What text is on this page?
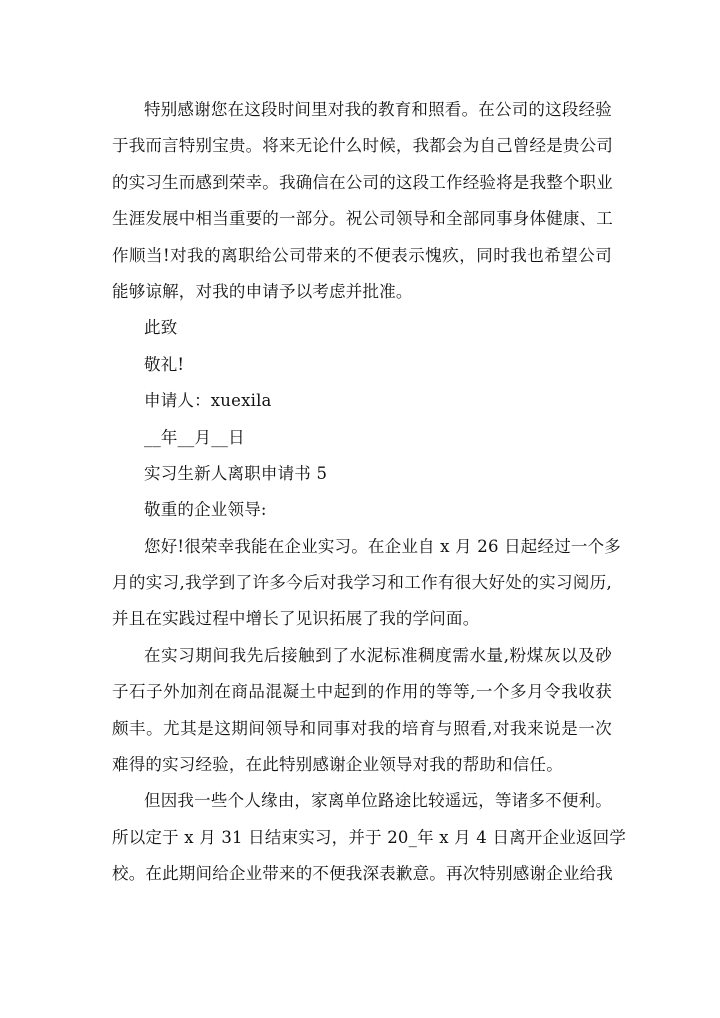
特别感谢您在这段时间里对我的教育和照看。在公司的这段经验
于我而言特别宝贵。将来无论什么时候，我都会为自己曾经是贵公司
的实习生而感到荣幸。我确信在公司的这段工作经验将是我整个职业
生涯发展中相当重要的一部分。祝公司领导和全部同事身体健康、工
作顺当!对我的离职给公司带来的不便表示愧疚，同时我也希望公司
能够谅解，对我的申请予以考虑并批准。
此致
敬礼!
申请人：xuexila
__年__月__日
实习生新人离职申请书 5
敬重的企业领导:
您好!很荣幸我能在企业实习。在企业自 x 月 26 日起经过一个多
月的实习,我学到了许多今后对我学习和工作有很大好处的实习阅历,
并且在实践过程中增长了见识拓展了我的学问面。
在实习期间我先后接触到了水泥标准稠度需水量,粉煤灰以及砂
子石子外加剂在商品混凝土中起到的作用的等等,一个多月令我收获
颇丰。尤其是这期间领导和同事对我的培育与照看,对我来说是一次
难得的实习经验，在此特别感谢企业领导对我的帮助和信任。
但因我一些个人缘由，家离单位路途比较遥远，等诸多不便利。
所以定于 x 月 31 日结束实习，并于 20_年 x 月 4 日离开企业返回学
校。在此期间给企业带来的不便我深表歉意。再次特别感谢企业给我
